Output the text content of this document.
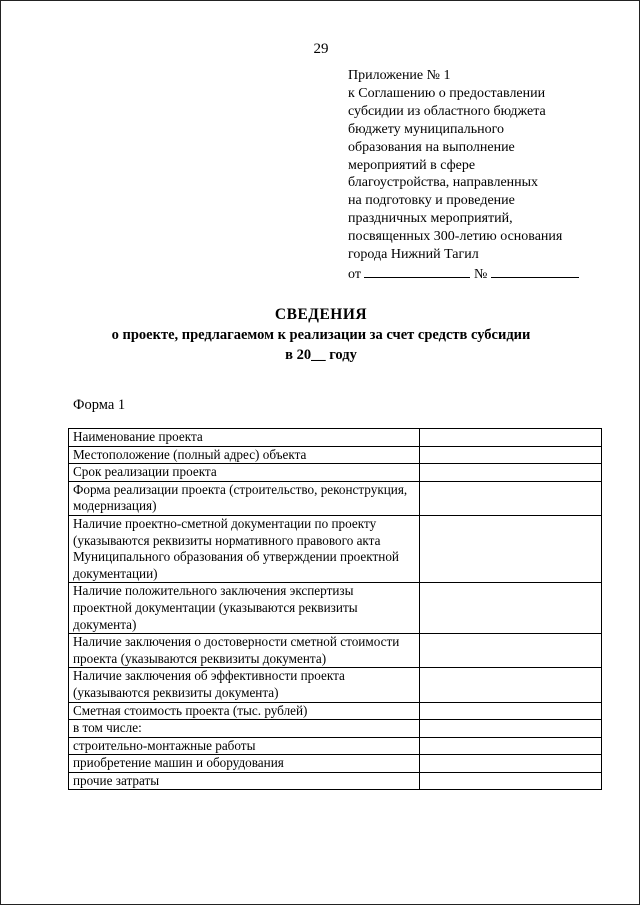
29
Приложение № 1
к Соглашению о предоставлении
субсидии из областного бюджета
бюджету муниципального
образования на выполнение
мероприятий в сфере
благоустройства, направленных
на подготовку и проведение
праздничных мероприятий,
посвященных 300-летию основания
города Нижний Тагил
от	№
СВЕДЕНИЯ
о проекте, предлагаемом к реализации за счет средств субсидии
в 20__ году
Форма 1
Наименование проекта	
Местоположение (полный адрес) объекта	
Срок реализации проекта	
Форма реализации проекта (строительство, реконструкция, модернизация)	
Наличие проектно-сметной документации по проекту (указываются реквизиты нормативного правового акта Муниципального образования об утверждении проектной документации)	
Наличие положительного заключения экспертизы проектной документации (указываются реквизиты документа)	
Наличие заключения о достоверности сметной стоимости проекта (указываются реквизиты документа)	
Наличие заключения об эффективности проекта (указываются реквизиты документа)	
Сметная стоимость проекта (тыс. рублей)	
в том числе:	
строительно-монтажные работы	
приобретение машин и оборудования	
прочие затраты	
